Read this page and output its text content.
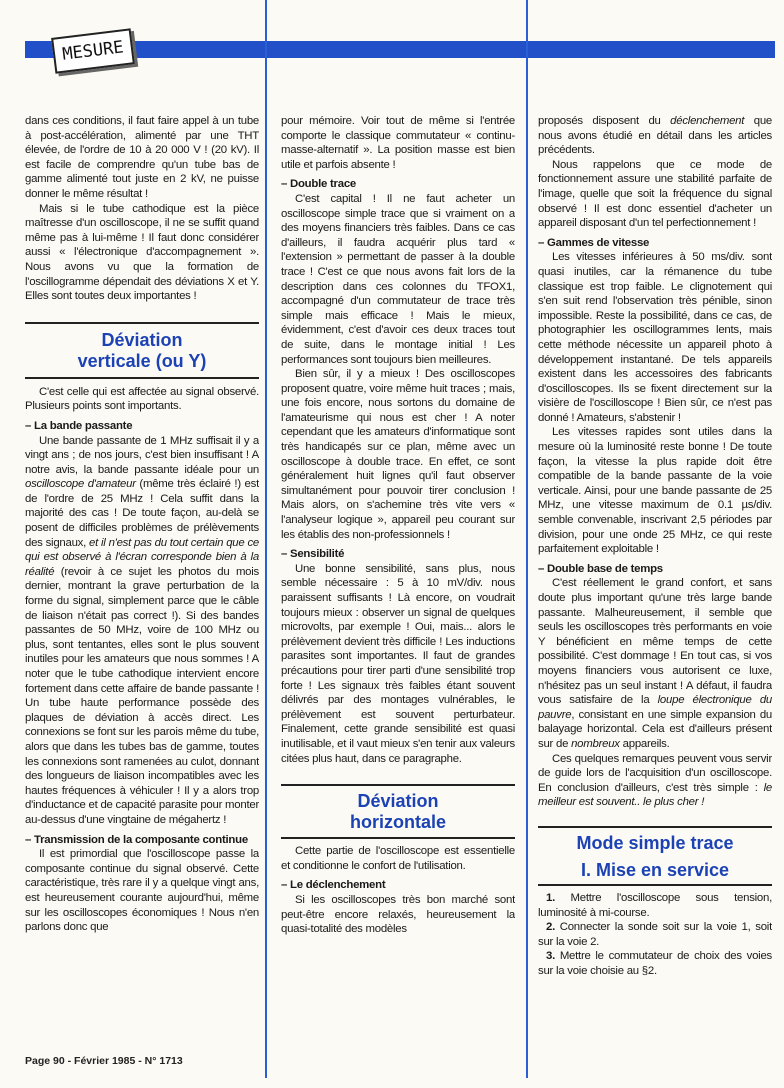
MESURE

dans ces conditions, il faut faire appel à un tube à post-accélération, alimenté par une THT élevée, de l'ordre de 10 à 20 000 V ! (20 kV). Il est facile de comprendre qu'un tube bas de gamme alimenté tout juste en 2 kV, ne puisse donner le même résultat !

Mais si le tube cathodique est la pièce maîtresse d'un oscilloscope, il ne se suffit quand même pas à lui-même ! Il faut donc considérer aussi « l'électronique d'accompagnement ». Nous avons vu que la formation de l'oscillogramme dépendait des déviations X et Y. Elles sont toutes deux importantes !

Déviation
verticale (ou Y)

C'est celle qui est affectée au signal observé. Plusieurs points sont importants.

– La bande passante

Une bande passante de 1 MHz suffisait il y a vingt ans ; de nos jours, c'est bien insuffisant ! A notre avis, la bande passante idéale pour un oscilloscope d'amateur (même très éclairé !) est de l'ordre de 25 MHz ! Cela suffit dans la majorité des cas ! De toute façon, au-delà se posent de difficiles problèmes de prélèvements des signaux, et il n'est pas du tout certain que ce qui est observé à l'écran corresponde bien à la réalité (revoir à ce sujet les photos du mois dernier, montrant la grave perturbation de la forme du signal, simplement parce que le câble de liaison n'était pas correct !). Si des bandes passantes de 50 MHz, voire de 100 MHz ou plus, sont tentantes, elles sont le plus souvent inutiles pour les amateurs que nous sommes ! A noter que le tube cathodique intervient encore fortement dans cette affaire de bande passante ! Un tube haute performance possède des plaques de déviation à accès direct. Les connexions se font sur les parois même du tube, alors que dans les tubes bas de gamme, toutes les connexions sont ramenées au culot, donnant des longueurs de liaison incompatibles avec les hautes fréquences à véhiculer ! Il y a alors trop d'inductance et de capacité parasite pour monter au-dessus d'une vingtaine de mégahertz !

– Transmission de la composante continue

Il est primordial que l'oscilloscope passe la composante continue du signal observé. Cette caractéristique, très rare il y a quelque vingt ans, est heureusement courante aujourd'hui, même sur les oscilloscopes économiques ! Nous n'en parlons donc que

pour mémoire. Voir tout de même si l'entrée comporte le classique commutateur « continu-masse-alternatif ». La position masse est bien utile et parfois absente !

– Double trace

C'est capital ! Il ne faut acheter un oscilloscope simple trace que si vraiment on a des moyens financiers très faibles. Dans ce cas d'ailleurs, il faudra acquérir plus tard « l'extension » permettant de passer à la double trace ! C'est ce que nous avons fait lors de la description dans ces colonnes du TFOX1, accompagné d'un commutateur de trace très simple mais efficace ! Mais le mieux, évidemment, c'est d'avoir ces deux traces tout de suite, dans le montage initial ! Les performances sont toujours bien meilleures.

Bien sûr, il y a mieux ! Des oscilloscopes proposent quatre, voire même huit traces ; mais, une fois encore, nous sortons du domaine de l'amateurisme qui nous est cher ! A noter cependant que les amateurs d'informatique sont très handicapés sur ce plan, même avec un oscilloscope à double trace. En effet, ce sont généralement huit lignes qu'il faut observer simultanément pour pouvoir tirer conclusion ! Mais alors, on s'achemine très vite vers « l'analyseur logique », appareil peu courant sur les établis des non-professionnels !

– Sensibilité

Une bonne sensibilité, sans plus, nous semble nécessaire : 5 à 10 mV/div. nous paraissent suffisants ! Là encore, on voudrait toujours mieux : observer un signal de quelques microvolts, par exemple ! Oui, mais... alors le prélèvement devient très difficile ! Les inductions parasites sont importantes. Il faut de grandes précautions pour tirer parti d'une sensibilité trop forte ! Les signaux très faibles étant souvent délivrés par des montages vulnérables, le prélèvement est souvent perturbateur. Finalement, cette grande sensibilité est quasi inutilisable, et il vaut mieux s'en tenir aux valeurs citées plus haut, dans ce paragraphe.

Déviation
horizontale

Cette partie de l'oscilloscope est essentielle et conditionne le confort de l'utilisation.

– Le déclenchement

Si les oscilloscopes très bon marché sont peut-être encore relaxés, heureusement la quasi-totalité des modèles

proposés disposent du déclenchement que nous avons étudié en détail dans les articles précédents.

Nous rappelons que ce mode de fonctionnement assure une stabilité parfaite de l'image, quelle que soit la fréquence du signal observé ! Il est donc essentiel d'acheter un appareil disposant d'un tel perfectionnement !

– Gammes de vitesse

Les vitesses inférieures à 50 ms/div. sont quasi inutiles, car la rémanence du tube classique est trop faible. Le clignotement qui s'en suit rend l'observation très pénible, sinon impossible. Reste la possibilité, dans ce cas, de photographier les oscillogrammes lents, mais cette méthode nécessite un appareil photo à développement instantané. De tels appareils existent dans les accessoires des fabricants d'oscilloscopes. Ils se fixent directement sur la visière de l'oscilloscope ! Bien sûr, ce n'est pas donné ! Amateurs, s'abstenir !

Les vitesses rapides sont utiles dans la mesure où la luminosité reste bonne ! De toute façon, la vitesse la plus rapide doit être compatible de la bande passante de la voie verticale. Ainsi, pour une bande passante de 25 MHz, une vitesse maximum de 0.1 µs/div. semble convenable, inscrivant 2,5 périodes par division, pour une onde 25 MHz, ce qui reste parfaitement exploitable !

– Double base de temps

C'est réellement le grand confort, et sans doute plus important qu'une très large bande passante. Malheureusement, il semble que seuls les oscilloscopes très performants en voie Y bénéficient en même temps de cette possibilité. C'est dommage ! En tout cas, si vos moyens financiers vous autorisent ce luxe, n'hésitez pas un seul instant ! A défaut, il faudra vous satisfaire de la loupe électronique du pauvre, consistant en une simple expansion du balayage horizontal. Cela est d'ailleurs présent sur de nombreux appareils.

Ces quelques remarques peuvent vous servir de guide lors de l'acquisition d'un oscilloscope. En conclusion d'ailleurs, c'est très simple : le meilleur est souvent.. le plus cher !

Mode simple trace
I. Mise en service

1. Mettre l'oscilloscope sous tension, luminosité à mi-course.

2. Connecter la sonde soit sur la voie 1, soit sur la voie 2.

3. Mettre le commutateur de choix des voies sur la voie choisie au §2.

Page 90 - Février 1985 - N° 1713
